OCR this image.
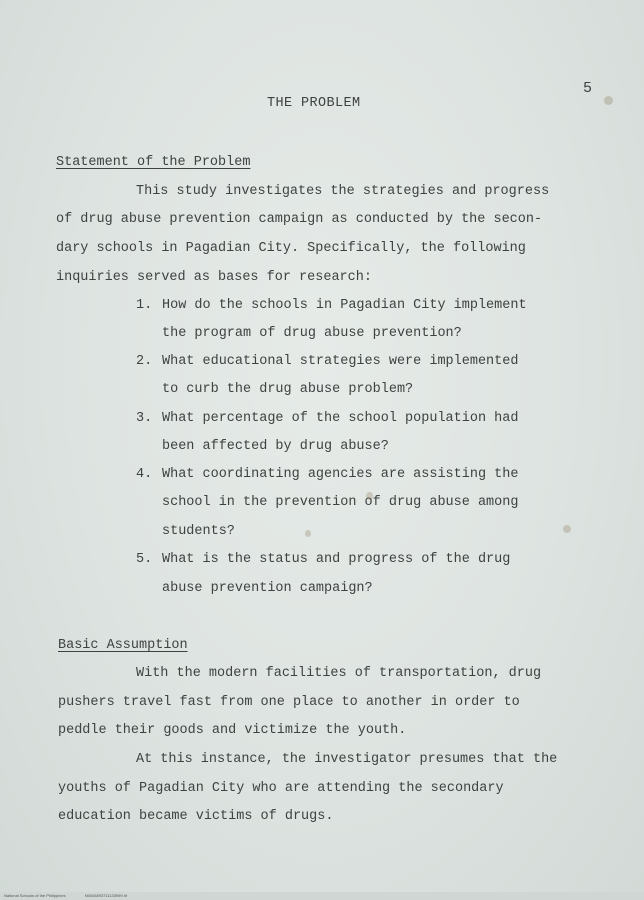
5
THE PROBLEM
Statement of the Problem
This study investigates the strategies and progress
of drug abuse prevention campaign as conducted by the secon-
dary schools in Pagadian City. Specifically, the following
inquiries served as bases for research:
1. How do the schools in Pagadian City implement
the program of drug abuse prevention?
2. What educational strategies were implemented
to curb the drug abuse problem?
3. What percentage of the school population had
been affected by drug abuse?
4. What coordinating agencies are assisting the
school in the prevention of drug abuse among
students?
5. What is the status and progress of the drug
abuse prevention campaign?
Basic Assumption
With the modern facilities of transportation, drug
pushers travel fast from one place to another in order to
peddle their goods and victimize the youth.
At this instance, the investigator presumes that the
youths of Pagadian City who are attending the secondary
education became victims of drugs.
National Schools of the Philippines	N0045893711133999.tif
